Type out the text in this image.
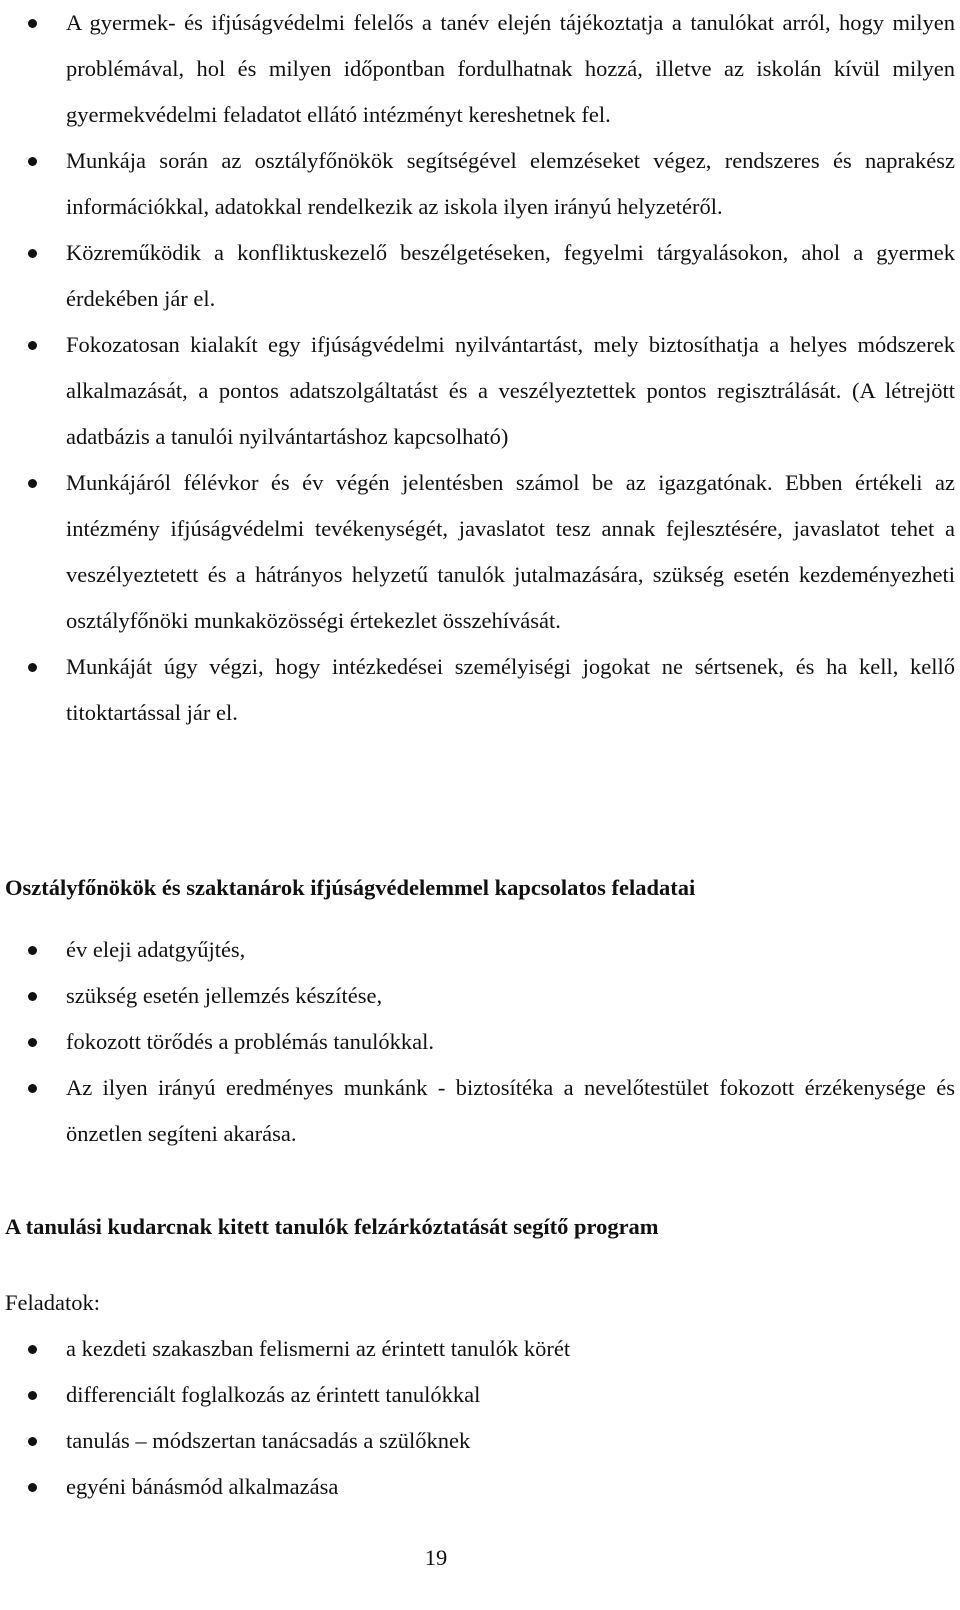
A gyermek- és ifjúságvédelmi felelős a tanév elején tájékoztatja a tanulókat arról, hogy milyen problémával, hol és milyen időpontban fordulhatnak hozzá, illetve az iskolán kívül milyen gyermekvédelmi feladatot ellátó intézményt kereshetnek fel.
Munkája során az osztályfőnökök segítségével elemzéseket végez, rendszeres és naprakész információkkal, adatokkal rendelkezik az iskola ilyen irányú helyzetéről.
Közreműködik a konfliktuskezelő beszélgetéseken, fegyelmi tárgyalásokon, ahol a gyermek érdekében jár el.
Fokozatosan kialakít egy ifjúságvédelmi nyilvántartást, mely biztosíthatja a helyes módszerek alkalmazását, a pontos adatszolgáltatást és a veszélyeztettek pontos regisztrálását. (A létrejött adatbázis a tanulói nyilvántartáshoz kapcsolható)
Munkájáról félévkor és év végén jelentésben számol be az igazgatónak. Ebben értékeli az intézmény ifjúságvédelmi tevékenységét, javaslatot tesz annak fejlesztésére, javaslatot tehet a veszélyeztetett és a hátrányos helyzetű tanulók jutalmazására, szükség esetén kezdeményezheti osztályfőnöki munkaközösségi értekezlet összehívását.
Munkáját úgy végzi, hogy intézkedései személyiségi jogokat ne sértsenek, és ha kell, kellő titoktartással jár el.
Osztályfőnökök és szaktanárok ifjúságvédelemmel kapcsolatos feladatai
év eleji adatgyűjtés,
szükség esetén jellemzés készítése,
fokozott törődés a problémás tanulókkal.
Az ilyen irányú eredményes munkánk - biztosítéka a nevelőtestület fokozott érzékenysége és önzetlen segíteni akarása.
A tanulási kudarcnak kitett tanulók felzárkóztatását segítő program
Feladatok:
a kezdeti szakaszban felismerni az érintett tanulók körét
differenciált foglalkozás az érintett tanulókkal
tanulás – módszertan tanácsadás a szülőknek
egyéni bánásmód alkalmazása
19
